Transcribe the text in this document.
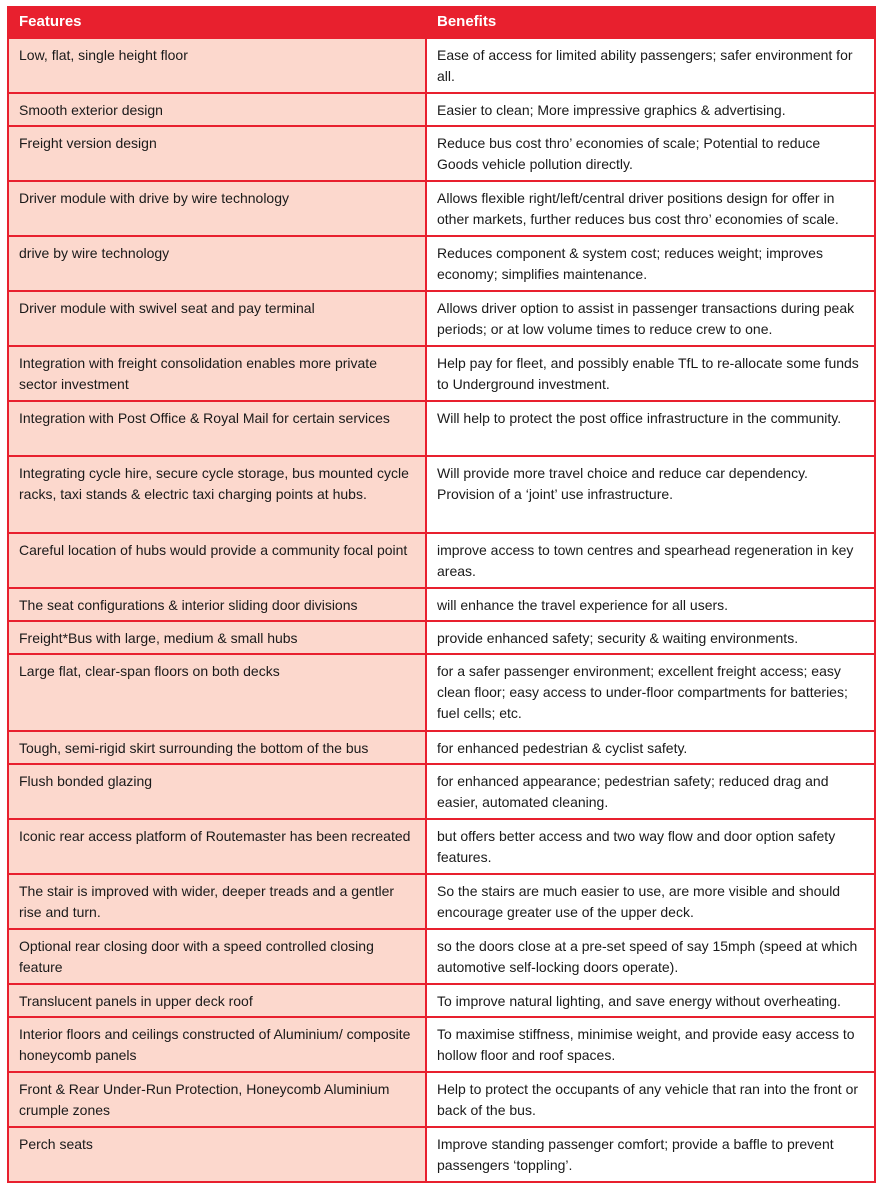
Features	Benefits
Low, flat, single height floor	Ease of access for limited ability passengers; safer environment for all.
Smooth exterior design	Easier to clean; More impressive graphics & advertising.
Freight version design	Reduce bus cost thro’ economies of scale; Potential to reduce Goods vehicle pollution directly.
Driver module with drive by wire technology	Allows flexible right/left/central driver positions design for offer in other markets, further reduces bus cost thro’ economies of scale.
drive by wire technology	Reduces component & system cost; reduces weight; improves economy; simplifies maintenance.
Driver module with swivel seat and pay terminal	Allows driver option to assist in passenger transactions during peak periods; or at low volume times to reduce crew to one.
Integration with freight consolidation enables more private sector investment	Help pay for fleet, and possibly enable TfL to re-allocate some funds to Underground investment.
Integration with Post Office & Royal Mail for certain services	Will help to protect the post office infrastructure in the community.
Integrating cycle hire, secure cycle storage, bus mounted cycle racks, taxi stands & electric taxi charging points at hubs.	Will provide more travel choice and reduce car dependency. Provision of a ‘joint’ use infrastructure.
Careful location of hubs would provide a community focal point	improve access to town centres and spearhead regeneration in key areas.
The seat configurations & interior sliding door divisions	will enhance the travel experience for all users.
Freight*Bus with large, medium & small hubs	provide enhanced safety; security & waiting environments.
Large flat, clear-span floors on both decks	for a safer passenger environment; excellent freight access; easy clean floor; easy access to under-floor compartments for batteries; fuel cells; etc.
Tough, semi-rigid skirt surrounding the bottom of the bus	for enhanced pedestrian & cyclist safety.
Flush bonded glazing	for enhanced appearance; pedestrian safety; reduced drag and easier, automated cleaning.
Iconic rear access platform of Routemaster has been recreated	but offers better access and two way flow and door option safety features.
The stair is improved with wider, deeper treads and a gentler rise and turn.	So the stairs are much easier to use, are more visible and should encourage greater use of the upper deck.
Optional rear closing door with a speed controlled closing feature	so the doors close at a pre-set speed of say 15mph (speed at which automotive self-locking doors operate).
Translucent panels in upper deck roof	To improve natural lighting, and save energy without overheating.
Interior floors and ceilings constructed of Aluminium/ composite honeycomb panels	To maximise stiffness, minimise weight, and provide easy access to hollow floor and roof spaces.
Front & Rear Under-Run Protection, Honeycomb Aluminium crumple zones	Help to protect the occupants of any vehicle that ran into the front or back of the bus.
Perch seats	Improve standing passenger comfort; provide a baffle to prevent passengers ‘toppling’.
